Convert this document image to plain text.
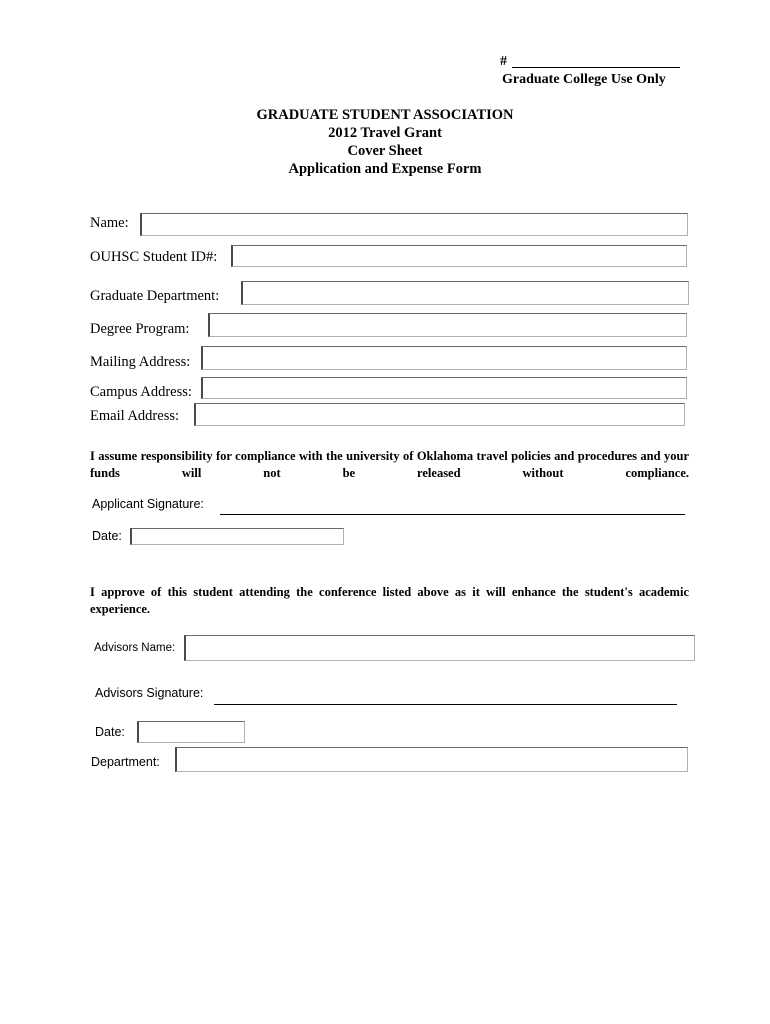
#
Graduate College Use Only
GRADUATE STUDENT ASSOCIATION
2012 Travel Grant
Cover Sheet
Application and Expense Form
Name:
OUHSC Student ID#:
Graduate Department:
Degree Program:
Mailing Address:
Campus Address:
Email Address:
I assume responsibility for compliance with the university of Oklahoma travel policies and procedures and your funds will not be released without compliance.
Applicant Signature:
Date:
I approve of this student attending the conference listed above as it will enhance the student's academic experience.
Advisors Name:
Advisors Signature:
Date:
Department:
